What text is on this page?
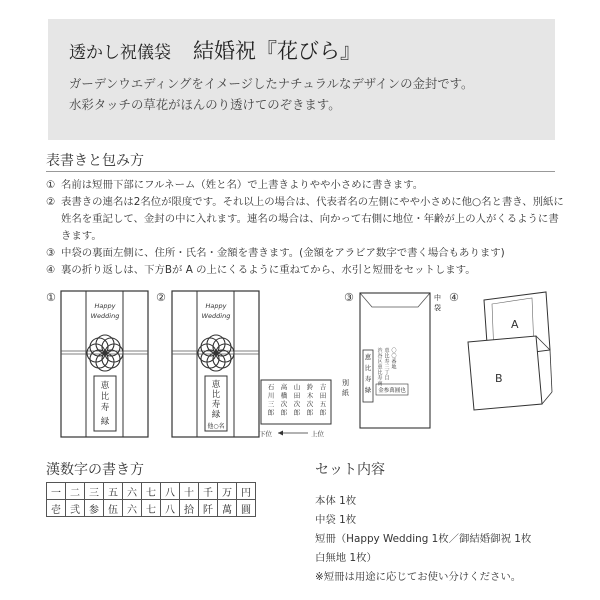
透かし祝儀袋 結婚祝『花びら』
ガーデンウエディングをイメージしたナチュラルなデザインの金封です。
水彩タッチの草花がほんのり透けてのぞきます。
表書きと包み方
① 名前は短冊下部にフルネーム（姓と名）で上書きよりやや小さめに書きます。
② 表書きの連名は2名位が限度です。それ以上の場合は、代表者名の左側にやや小さめに他○名と書き、別紙に姓名を重記して、金封の中に入れます。連名の場合は、向かって右側に地位・年齢が上の人がくるように書きます。
③ 中袋の裏面左側に、住所・氏名・金額を書きます。(金額をアラビア数字で書く場合もあります)
④ 裏の折り返しは、下方Bが A の上にくるように重ねてから、水引と短冊をセットします。
①	②	③	④
Happy
Wedding
恵
比
寿
緑
Happy
Wedding
恵
比
寿
緑
他○名
吉
田
五
郎
鈴
木
次
郎
山
田
次
郎
高
橋
次
郎
石
川
三
郎
別
紙
下位	上位
恵
比
寿
緑
渋
谷
区
恵
比
寿
南
恵
比
寿
三
丁
目
〇
〇
番
地
金参萬圓也
中
袋
A
B
漢数字の書き方
一	二	三	五	六	七	八	十	千	万	円
壱	弐	参	伍	六	七	八	拾	阡	萬	圓
セット内容
本体 1枚
中袋 1枚
短冊（Happy Wedding 1枚／御結婚御祝 1枚
白無地 1枚）
※短冊は用途に応じてお使い分けください。
